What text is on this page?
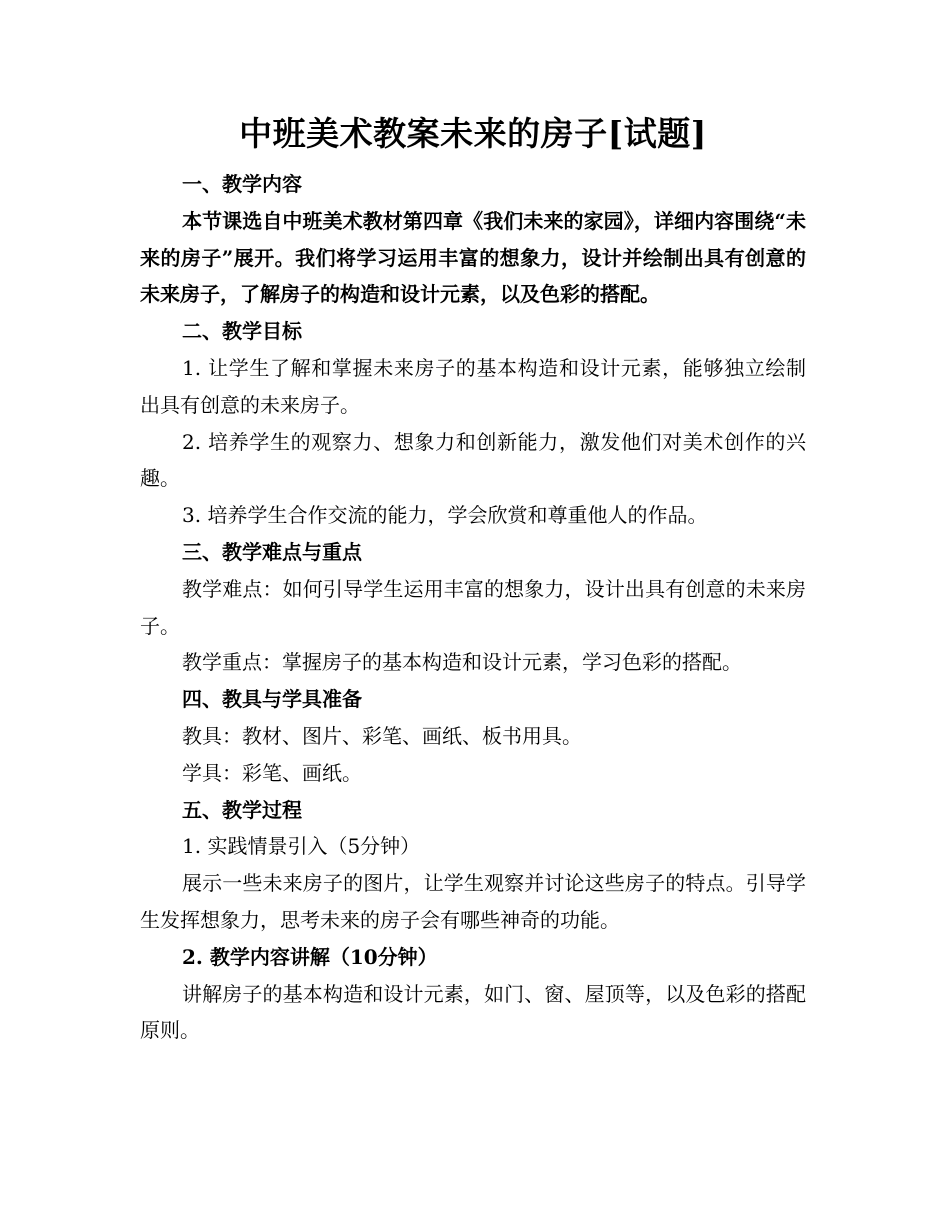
中班美术教案未来的房子[试题]

一、教学内容

本节课选自中班美术教材第四章《我们未来的家园》，详细内容围绕“未来的房子”展开。我们将学习运用丰富的想象力，设计并绘制出具有创意的未来房子，了解房子的构造和设计元素，以及色彩的搭配。

二、教学目标

1. 让学生了解和掌握未来房子的基本构造和设计元素，能够独立绘制出具有创意的未来房子。

2. 培养学生的观察力、想象力和创新能力，激发他们对美术创作的兴趣。

3. 培养学生合作交流的能力，学会欣赏和尊重他人的作品。

三、教学难点与重点

教学难点：如何引导学生运用丰富的想象力，设计出具有创意的未来房子。

教学重点：掌握房子的基本构造和设计元素，学习色彩的搭配。

四、教具与学具准备

教具：教材、图片、彩笔、画纸、板书用具。

学具：彩笔、画纸。

五、教学过程

1. 实践情景引入（5分钟）

展示一些未来房子的图片，让学生观察并讨论这些房子的特点。引导学生发挥想象力，思考未来的房子会有哪些神奇的功能。

2. 教学内容讲解（10分钟）

讲解房子的基本构造和设计元素，如门、窗、屋顶等，以及色彩的搭配原则。
